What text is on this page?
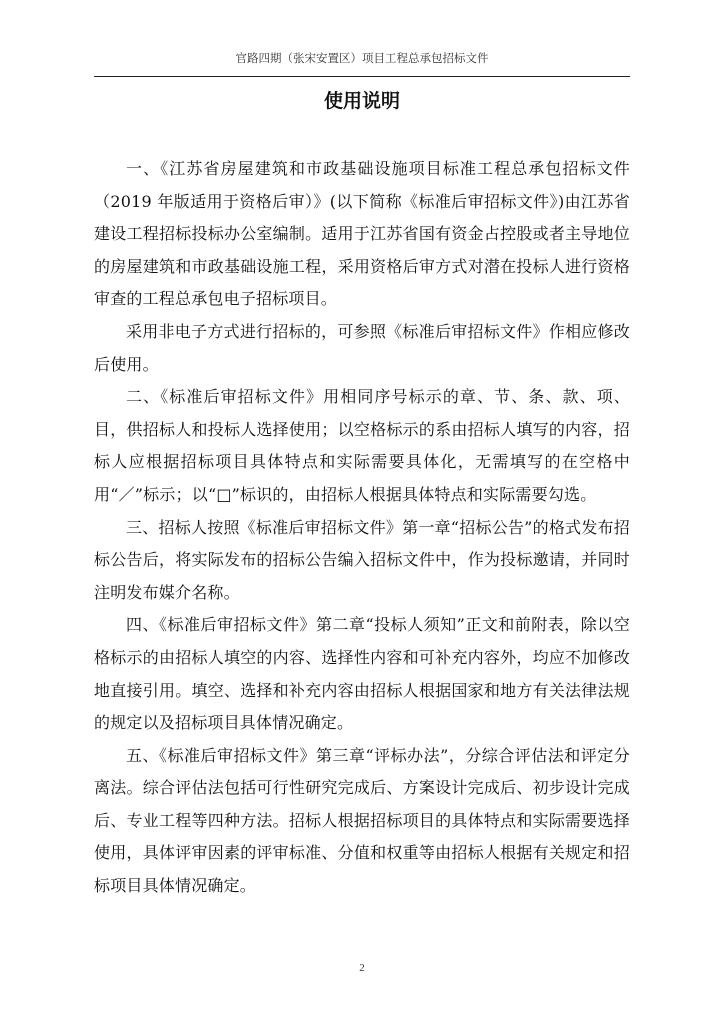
官路四期（张宋安置区）项目工程总承包招标文件
使用说明

一、《江苏省房屋建筑和市政基础设施项目标准工程总承包招标文件（2019 年版适用于资格后审）》(以下简称《标准后审招标文件》)由江苏省建设工程招标投标办公室编制。适用于江苏省国有资金占控股或者主导地位的房屋建筑和市政基础设施工程，采用资格后审方式对潜在投标人进行资格审查的工程总承包电子招标项目。

采用非电子方式进行招标的，可参照《标准后审招标文件》作相应修改后使用。

二、《标准后审招标文件》用相同序号标示的章、节、条、款、项、目，供招标人和投标人选择使用；以空格标示的系由招标人填写的内容，招标人应根据招标项目具体特点和实际需要具体化，无需填写的在空格中用“／”标示；以“□”标识的，由招标人根据具体特点和实际需要勾选。

三、招标人按照《标准后审招标文件》第一章“招标公告”的格式发布招标公告后，将实际发布的招标公告编入招标文件中，作为投标邀请，并同时注明发布媒介名称。

四、《标准后审招标文件》第二章“投标人须知”正文和前附表，除以空格标示的由招标人填空的内容、选择性内容和可补充内容外，均应不加修改地直接引用。填空、选择和补充内容由招标人根据国家和地方有关法律法规的规定以及招标项目具体情况确定。

五、《标准后审招标文件》第三章“评标办法”，分综合评估法和评定分离法。综合评估法包括可行性研究完成后、方案设计完成后、初步设计完成后、专业工程等四种方法。招标人根据招标项目的具体特点和实际需要选择使用，具体评审因素的评审标准、分值和权重等由招标人根据有关规定和招标项目具体情况确定。

2
